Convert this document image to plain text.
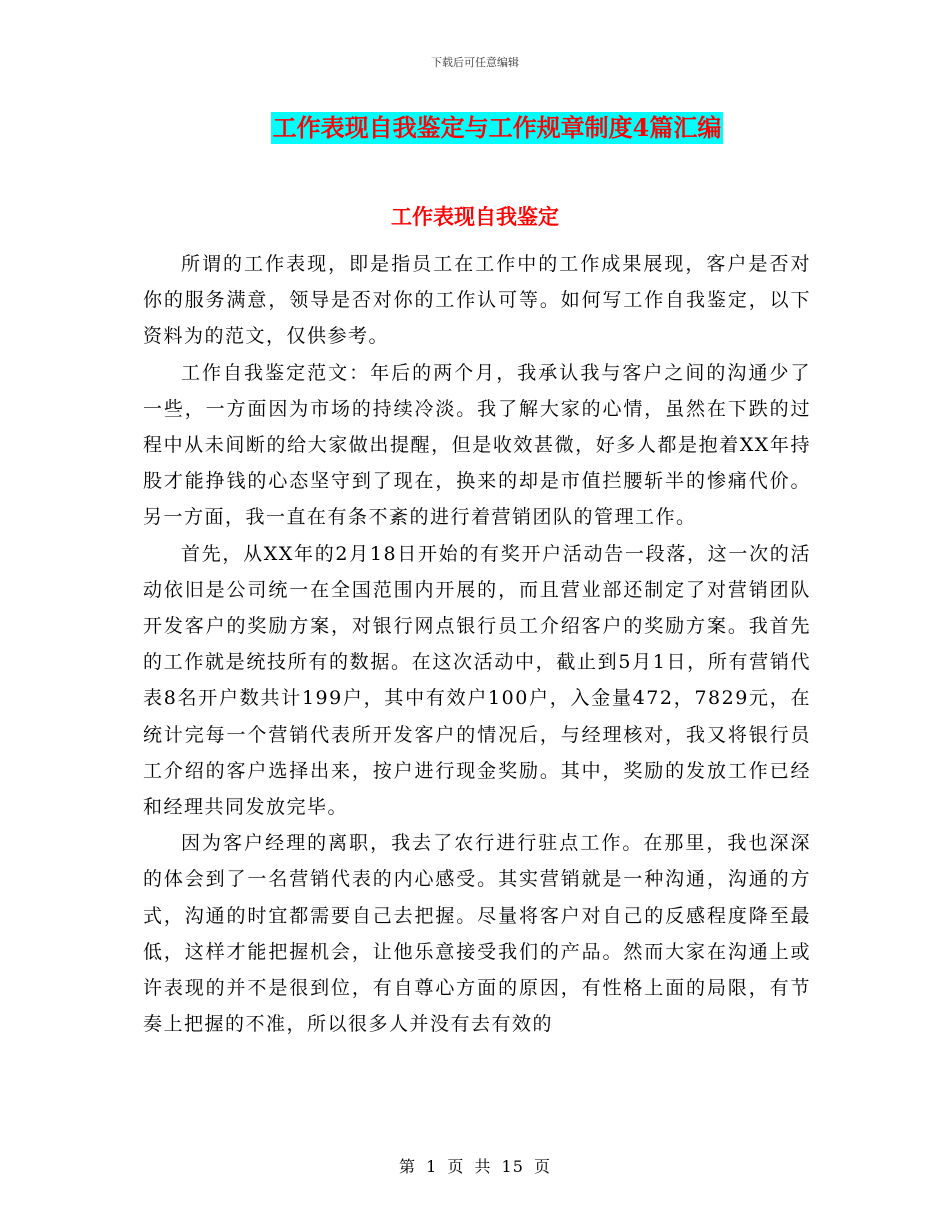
下载后可任意编辑
工作表现自我鉴定与工作规章制度4篇汇编
工作表现自我鉴定

所谓的工作表现，即是指员工在工作中的工作成果展现，客户是否对你的服务满意，领导是否对你的工作认可等。如何写工作自我鉴定，以下资料为的范文，仅供参考。

工作自我鉴定范文：年后的两个月，我承认我与客户之间的沟通少了一些，一方面因为市场的持续冷淡。我了解大家的心情，虽然在下跌的过程中从未间断的给大家做出提醒，但是收效甚微，好多人都是抱着XX年持股才能挣钱的心态坚守到了现在，换来的却是市值拦腰斩半的惨痛代价。另一方面，我一直在有条不紊的进行着营销团队的管理工作。

首先，从XX年的2月18日开始的有奖开户活动告一段落，这一次的活动依旧是公司统一在全国范围内开展的，而且营业部还制定了对营销团队开发客户的奖励方案，对银行网点银行员工介绍客户的奖励方案。我首先的工作就是统技所有的数据。在这次活动中，截止到5月1日，所有营销代表8名开户数共计199户，其中有效户100户，入金量472，7829元，在统计完每一个营销代表所开发客户的情况后，与经理核对，我又将银行员工介绍的客户选择出来，按户进行现金奖励。其中，奖励的发放工作已经和经理共同发放完毕。

因为客户经理的离职，我去了农行进行驻点工作。在那里，我也深深的体会到了一名营销代表的内心感受。其实营销就是一种沟通，沟通的方式，沟通的时宜都需要自己去把握。尽量将客户对自己的反感程度降至最低，这样才能把握机会，让他乐意接受我们的产品。然而大家在沟通上或许表现的并不是很到位，有自尊心方面的原因，有性格上面的局限，有节奏上把握的不准，所以很多人并没有去有效的

第 1 页 共 15 页
